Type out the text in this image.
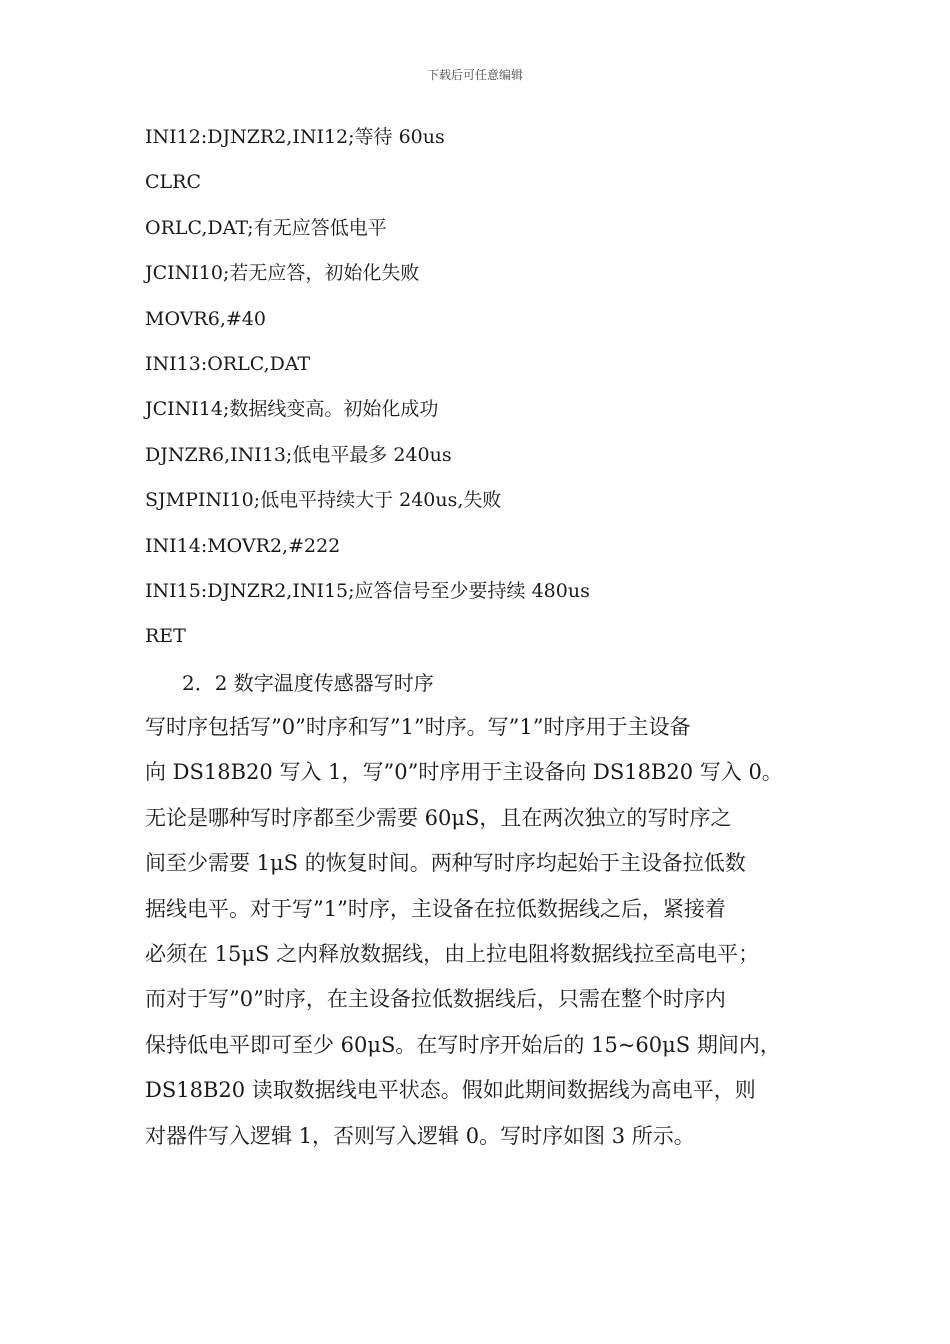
下载后可任意编辑
INI12:DJNZR2,INI12;等待 60us
CLRC
ORLC,DAT;有无应答低电平
JCINI10;若无应答，初始化失败
MOVR6,#40
INI13:ORLC,DAT
JCINI14;数据线变高。初始化成功
DJNZR6,INI13;低电平最多 240us
SJMPINI10;低电平持续大于 240us,失败
INI14:MOVR2,#222
INI15:DJNZR2,INI15;应答信号至少要持续 480us
RET
2．2 数字温度传感器写时序
写时序包括写”0”时序和写”1”时序。写”1”时序用于主设备
向 DS18B20 写入 1，写”0”时序用于主设备向 DS18B20 写入 0。
无论是哪种写时序都至少需要 60μS，且在两次独立的写时序之
间至少需要 1μS 的恢复时间。两种写时序均起始于主设备拉低数
据线电平。对于写”1”时序，主设备在拉低数据线之后，紧接着
必须在 15μS 之内释放数据线，由上拉电阻将数据线拉至高电平；
而对于写”0”时序，在主设备拉低数据线后，只需在整个时序内
保持低电平即可至少 60μS。在写时序开始后的 15~60μS 期间内，
DS18B20 读取数据线电平状态。假如此期间数据线为高电平，则
对器件写入逻辑 1，否则写入逻辑 0。写时序如图 3 所示。
